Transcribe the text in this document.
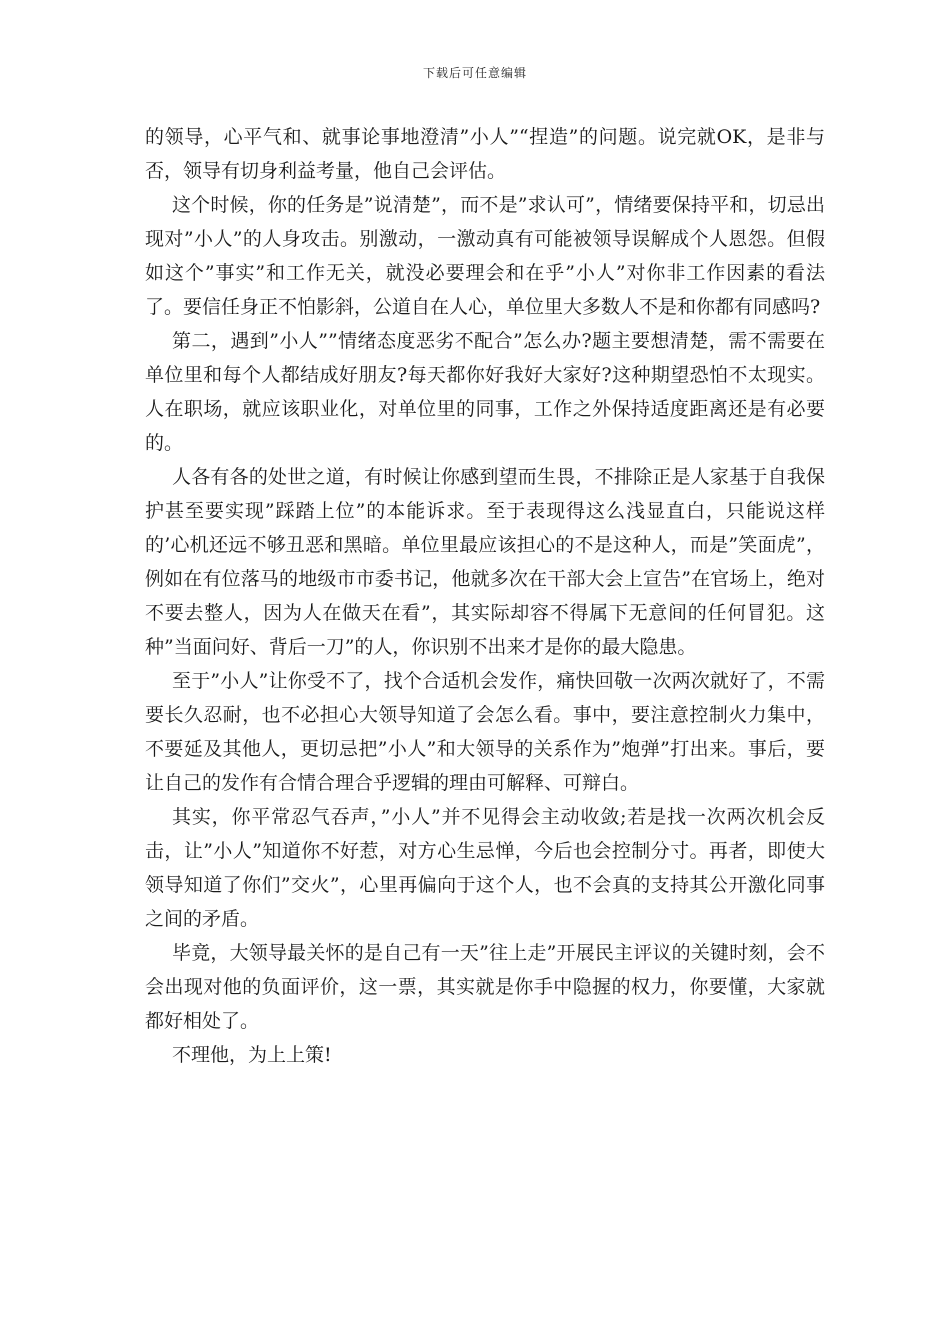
下载后可任意编辑

的领导，心平气和、就事论事地澄清”小人”“捏造”的问题。说完就OK，是非与否，领导有切身利益考量，他自己会评估。

这个时候，你的任务是”说清楚”，而不是”求认可”，情绪要保持平和，切忌出现对”小人”的人身攻击。别激动，一激动真有可能被领导误解成个人恩怨。但假如这个”事实”和工作无关，就没必要理会和在乎”小人”对你非工作因素的看法了。要信任身正不怕影斜，公道自在人心，单位里大多数人不是和你都有同感吗?

第二，遇到”小人””情绪态度恶劣不配合”怎么办?题主要想清楚，需不需要在单位里和每个人都结成好朋友?每天都你好我好大家好?这种期望恐怕不太现实。人在职场，就应该职业化，对单位里的同事，工作之外保持适度距离还是有必要的。

人各有各的处世之道，有时候让你感到望而生畏，不排除正是人家基于自我保护甚至要实现”踩踏上位”的本能诉求。至于表现得这么浅显直白，只能说这样的’心机还远不够丑恶和黑暗。单位里最应该担心的不是这种人，而是”笑面虎”，例如在有位落马的地级市市委书记，他就多次在干部大会上宣告”在官场上，绝对不要去整人，因为人在做天在看”，其实际却容不得属下无意间的任何冒犯。这种”当面问好、背后一刀”的人，你识别不出来才是你的最大隐患。

至于”小人”让你受不了，找个合适机会发作，痛快回敬一次两次就好了，不需要长久忍耐，也不必担心大领导知道了会怎么看。事中，要注意控制火力集中，不要延及其他人，更切忌把”小人”和大领导的关系作为”炮弹”打出来。事后，要让自己的发作有合情合理合乎逻辑的理由可解释、可辩白。

其实，你平常忍气吞声，”小人”并不见得会主动收敛;若是找一次两次机会反击，让”小人”知道你不好惹，对方心生忌惮，今后也会控制分寸。再者，即使大领导知道了你们”交火”，心里再偏向于这个人，也不会真的支持其公开激化同事之间的矛盾。

毕竟，大领导最关怀的是自己有一天”往上走”开展民主评议的关键时刻，会不会出现对他的负面评价，这一票，其实就是你手中隐握的权力，你要懂，大家就都好相处了。

不理他，为上上策!
